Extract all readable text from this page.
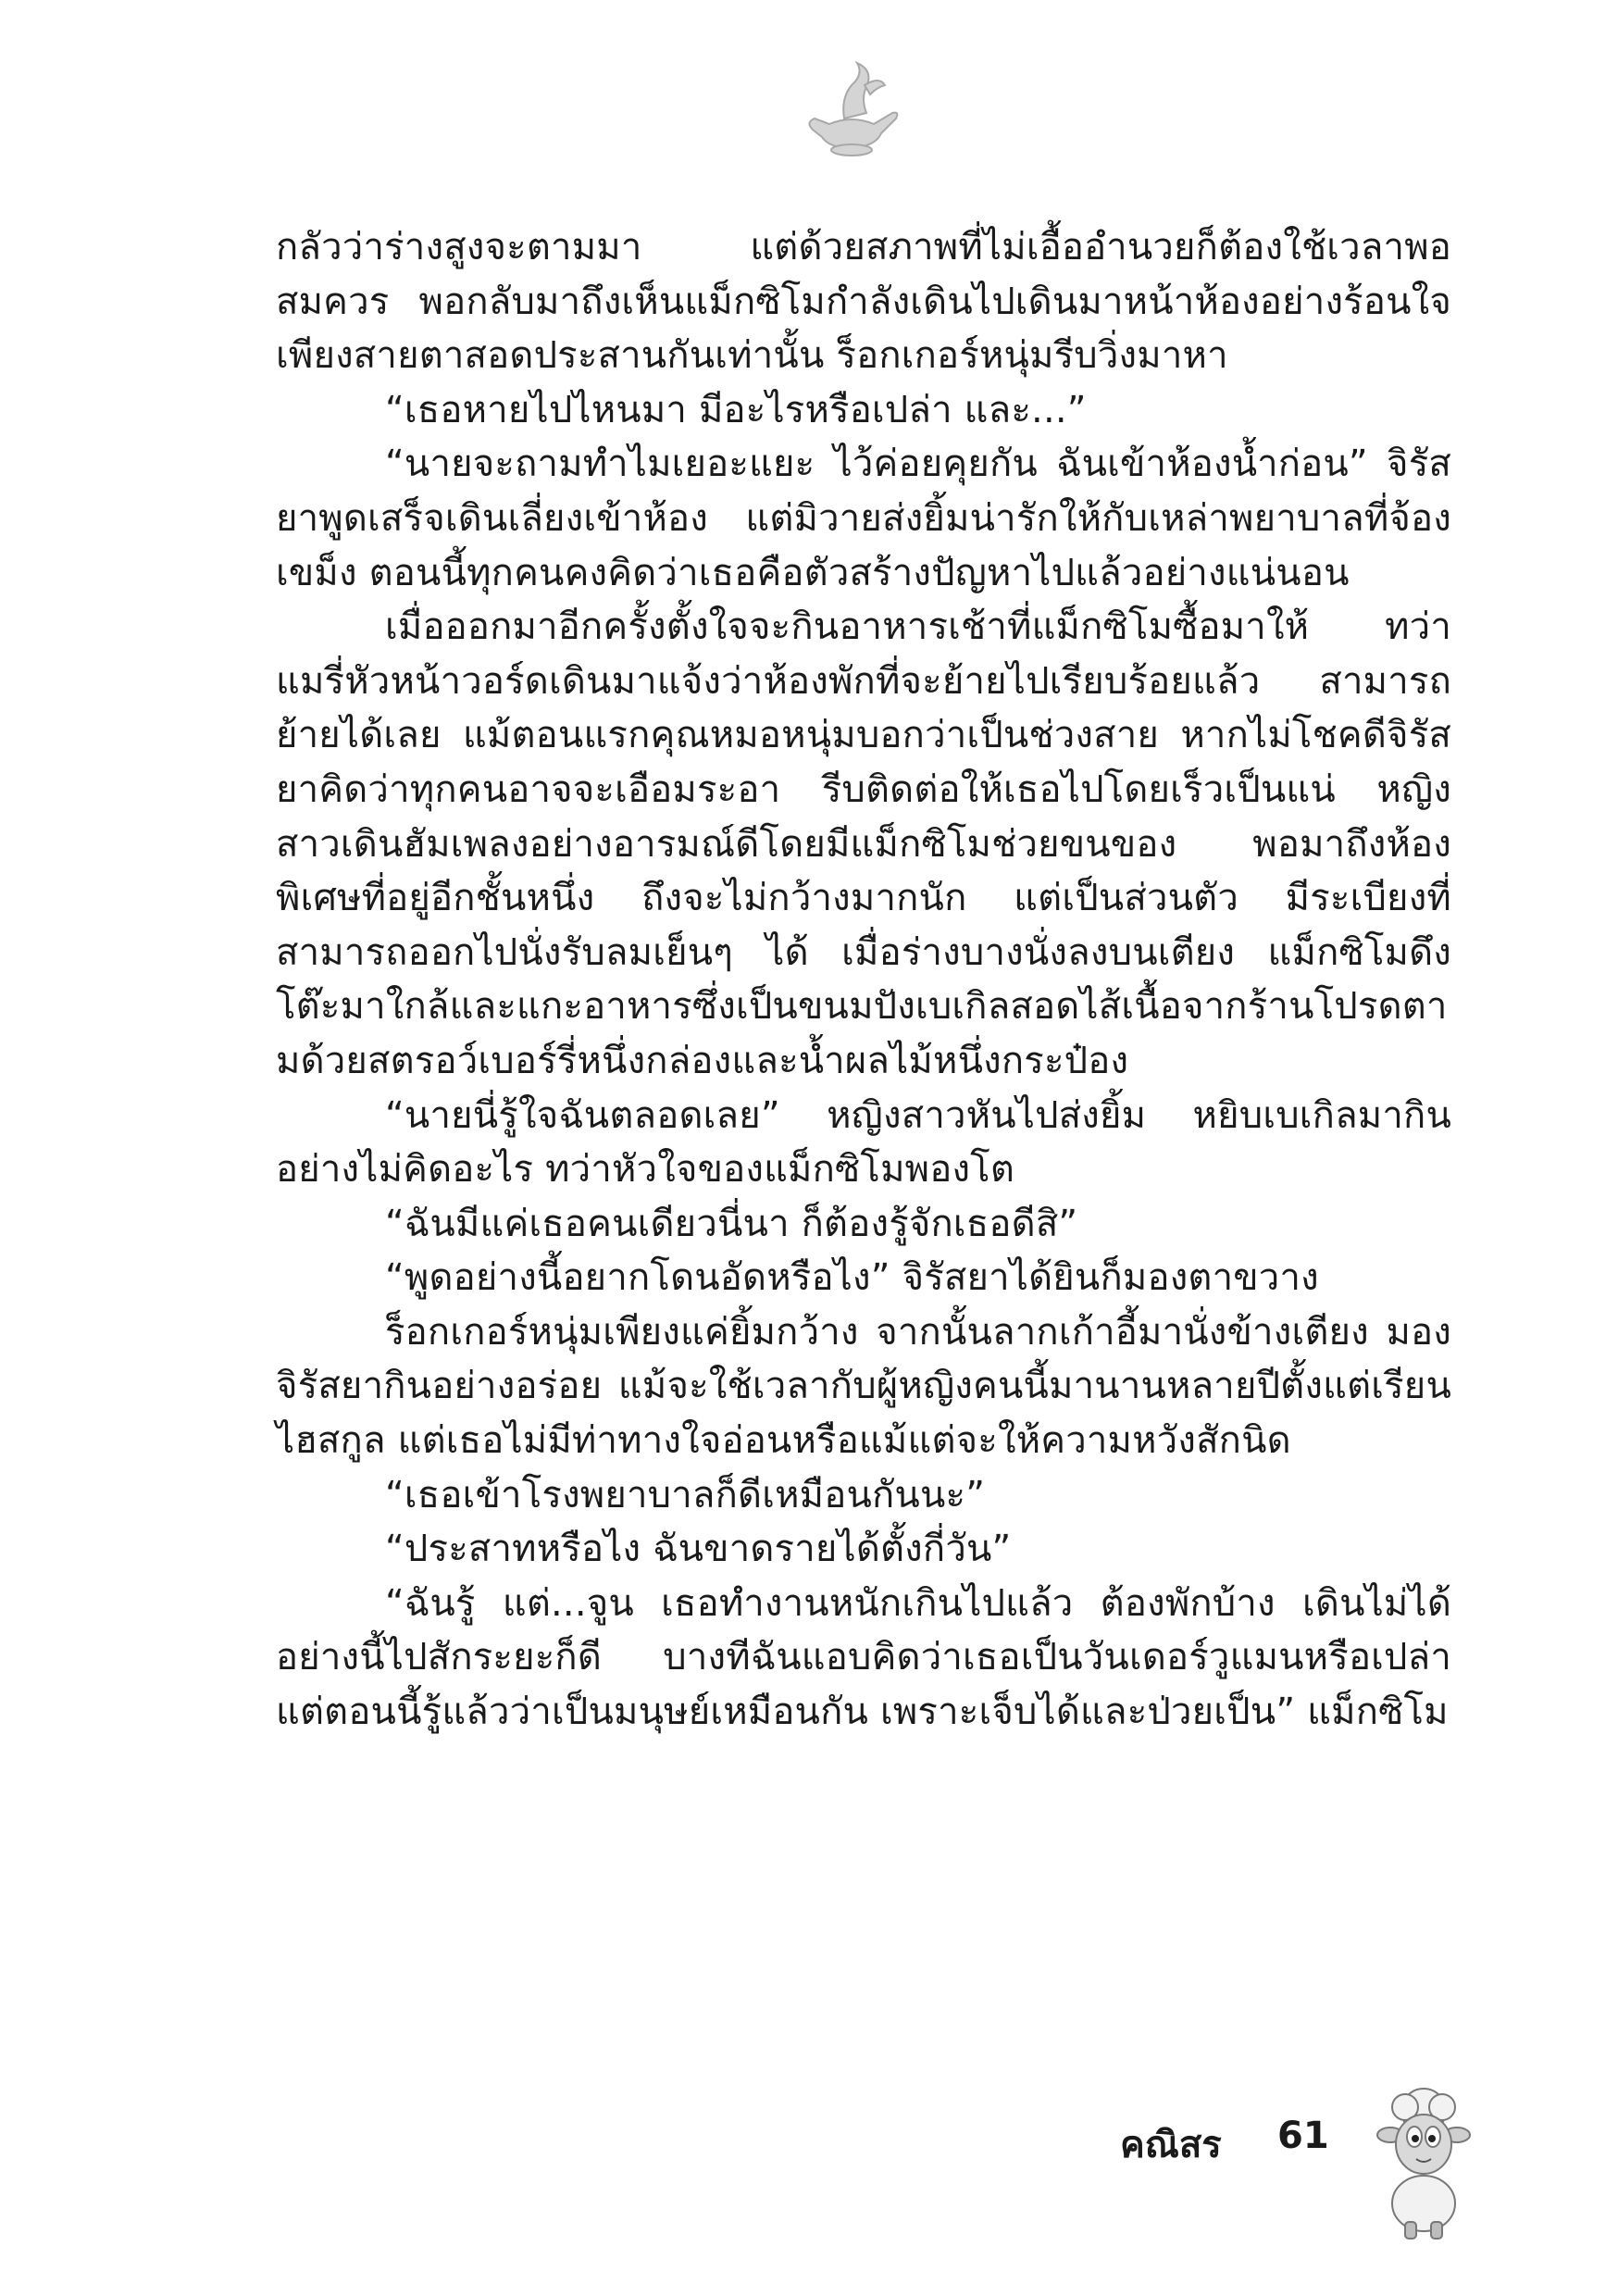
กลัวว่าร่างสูงจะตามมา แต่ด้วยสภาพที่ไม่เอื้ออำนวยก็ต้องใช้เวลาพอสมควร พอกลับมาถึงเห็นแม็กซิโมกำลังเดินไปเดินมาหน้าห้องอย่างร้อนใจ เพียงสายตาสอดประสานกันเท่านั้น ร็อกเกอร์หนุ่มรีบวิ่งมาหา

“เธอหายไปไหนมา มีอะไรหรือเปล่า และ...”

“นายจะถามทำไมเยอะแยะ ไว้ค่อยคุยกัน ฉันเข้าห้องน้ำก่อน” จิรัสยาพูดเสร็จเดินเลี่ยงเข้าห้อง แต่มิวายส่งยิ้มน่ารักให้กับเหล่าพยาบาลที่จ้องเขม็ง ตอนนี้ทุกคนคงคิดว่าเธอคือตัวสร้างปัญหาไปแล้วอย่างแน่นอน

เมื่อออกมาอีกครั้งตั้งใจจะกินอาหารเช้าที่แม็กซิโมซื้อมาให้ ทว่าแมรี่หัวหน้าวอร์ดเดินมาแจ้งว่าห้องพักที่จะย้ายไปเรียบร้อยแล้ว สามารถย้ายได้เลย แม้ตอนแรกคุณหมอหนุ่มบอกว่าเป็นช่วงสาย หากไม่โชคดีจิรัสยาคิดว่าทุกคนอาจจะเอือมระอา รีบติดต่อให้เธอไปโดยเร็วเป็นแน่ หญิงสาวเดินฮัมเพลงอย่างอารมณ์ดีโดยมีแม็กซิโมช่วยขนของ พอมาถึงห้องพิเศษที่อยู่อีกชั้นหนึ่ง ถึงจะไม่กว้างมากนัก แต่เป็นส่วนตัว มีระเบียงที่สามารถออกไปนั่งรับลมเย็นๆ ได้ เมื่อร่างบางนั่งลงบนเตียง แม็กซิโมดึงโต๊ะมาใกล้และแกะอาหารซึ่งเป็นขนมปังเบเกิลสอดไส้เนื้อจากร้านโปรดตามด้วยสตรอว์เบอร์รี่หนึ่งกล่องและน้ำผลไม้หนึ่งกระป๋อง

“นายนี่รู้ใจฉันตลอดเลย” หญิงสาวหันไปส่งยิ้ม หยิบเบเกิลมากินอย่างไม่คิดอะไร ทว่าหัวใจของแม็กซิโมพองโต

“ฉันมีแค่เธอคนเดียวนี่นา ก็ต้องรู้จักเธอดีสิ”

“พูดอย่างนี้อยากโดนอัดหรือไง” จิรัสยาได้ยินก็มองตาขวาง

ร็อกเกอร์หนุ่มเพียงแค่ยิ้มกว้าง จากนั้นลากเก้าอี้มานั่งข้างเตียง มองจิรัสยากินอย่างอร่อย แม้จะใช้เวลากับผู้หญิงคนนี้มานานหลายปีตั้งแต่เรียนไฮสกูล แต่เธอไม่มีท่าทางใจอ่อนหรือแม้แต่จะให้ความหวังสักนิด

“เธอเข้าโรงพยาบาลก็ดีเหมือนกันนะ”

“ประสาทหรือไง ฉันขาดรายได้ตั้งกี่วัน”

“ฉันรู้ แต่...จูน เธอทำงานหนักเกินไปแล้ว ต้องพักบ้าง เดินไม่ได้อย่างนี้ไปสักระยะก็ดี บางทีฉันแอบคิดว่าเธอเป็นวันเดอร์วูแมนหรือเปล่า แต่ตอนนี้รู้แล้วว่าเป็นมนุษย์เหมือนกัน เพราะเจ็บได้และป่วยเป็น” แม็กซิโม

คณิสร 61
